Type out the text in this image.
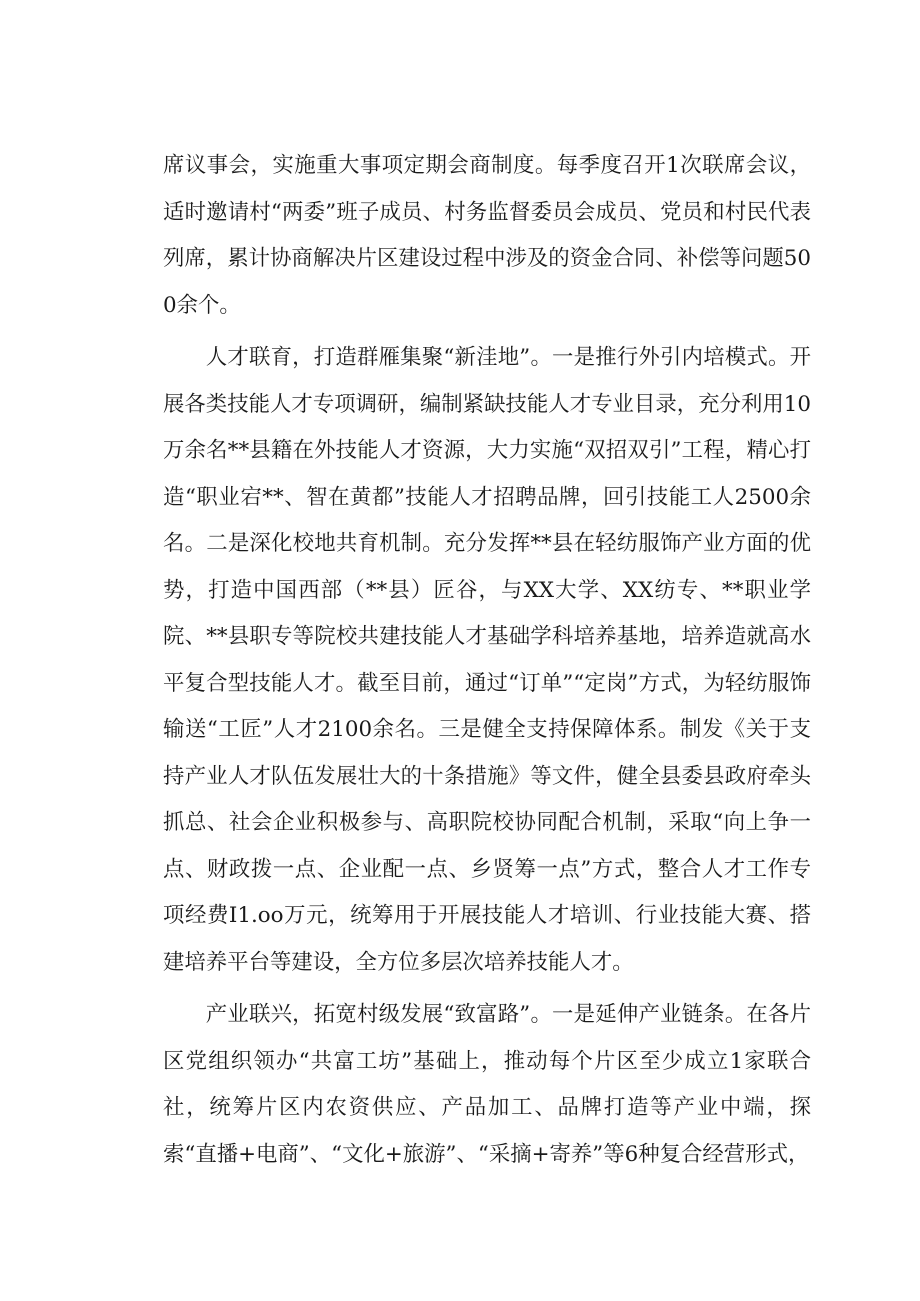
席议事会，实施重大事项定期会商制度。每季度召开1次联席会议，适时邀请村“两委”班子成员、村务监督委员会成员、党员和村民代表列席，累计协商解决片区建设过程中涉及的资金合同、补偿等问题500余个。

人才联育，打造群雁集聚“新洼地”。一是推行外引内培模式。开展各类技能人才专项调研，编制紧缺技能人才专业目录，充分利用10万余名**县籍在外技能人才资源，大力实施“双招双引”工程，精心打造“职业宕**、智在黄都”技能人才招聘品牌，回引技能工人2500余名。二是深化校地共育机制。充分发挥**县在轻纺服饰产业方面的优势，打造中国西部（**县）匠谷，与XX大学、XX纺专、**职业学院、**县职专等院校共建技能人才基础学科培养基地，培养造就高水平复合型技能人才。截至目前，通过“订单”“定岗”方式，为轻纺服饰输送“工匠”人才2100余名。三是健全支持保障体系。制发《关于支持产业人才队伍发展壮大的十条措施》等文件，健全县委县政府牵头抓总、社会企业积极参与、高职院校协同配合机制，采取“向上争一点、财政拨一点、企业配一点、乡贤筹一点”方式，整合人才工作专项经费I1.oo万元，统筹用于开展技能人才培训、行业技能大赛、搭建培养平台等建设，全方位多层次培养技能人才。

产业联兴，拓宽村级发展“致富路”。一是延伸产业链条。在各片区党组织领办“共富工坊”基础上，推动每个片区至少成立1家联合社，统筹片区内农资供应、产品加工、品牌打造等产业中端，探索“直播+电商”、“文化+旅游”、“采摘+寄养”等6种复合经营形式，
